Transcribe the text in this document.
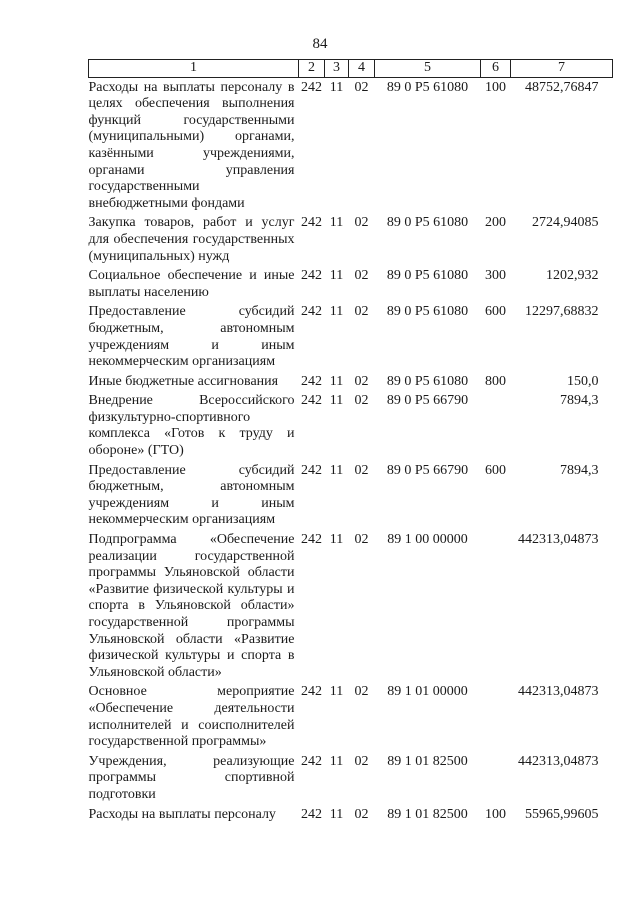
84
1	2	3	4	5	6	7
Расходы на выплаты персоналу в целях обеспечения выполнения функций государственными (муниципальными) органами, казёнными учреждениями, органами управления государственными внебюджетными фондами	242	11	02	89 0 Р5 61080	100	48752,76847
Закупка товаров, работ и услуг для обеспечения государственных (муниципальных) нужд	242	11	02	89 0 Р5 61080	200	2724,94085
Социальное обеспечение и иные выплаты населению	242	11	02	89 0 Р5 61080	300	1202,932
Предоставление субсидий бюджетным, автономным учреждениям и иным некоммерческим организациям	242	11	02	89 0 Р5 61080	600	12297,68832
Иные бюджетные ассигнования	242	11	02	89 0 Р5 61080	800	150,0
Внедрение Всероссийского физкультурно-спортивного комплекса «Готов к труду и обороне» (ГТО)	242	11	02	89 0 Р5 66790		7894,3
Предоставление субсидий бюджетным, автономным учреждениям и иным некоммерческим организациям	242	11	02	89 0 Р5 66790	600	7894,3
Подпрограмма «Обеспечение реализации государственной программы Ульяновской области «Развитие физической культуры и спорта в Ульяновской области» государственной программы Ульяновской области «Развитие физической культуры и спорта в Ульяновской области»	242	11	02	89 1 00 00000		442313,04873
Основное мероприятие «Обеспечение деятельности исполнителей и соисполнителей государственной программы»	242	11	02	89 1 01 00000		442313,04873
Учреждения, реализующие программы спортивной подготовки	242	11	02	89 1 01 82500		442313,04873
Расходы на выплаты персоналу	242	11	02	89 1 01 82500	100	55965,99605
